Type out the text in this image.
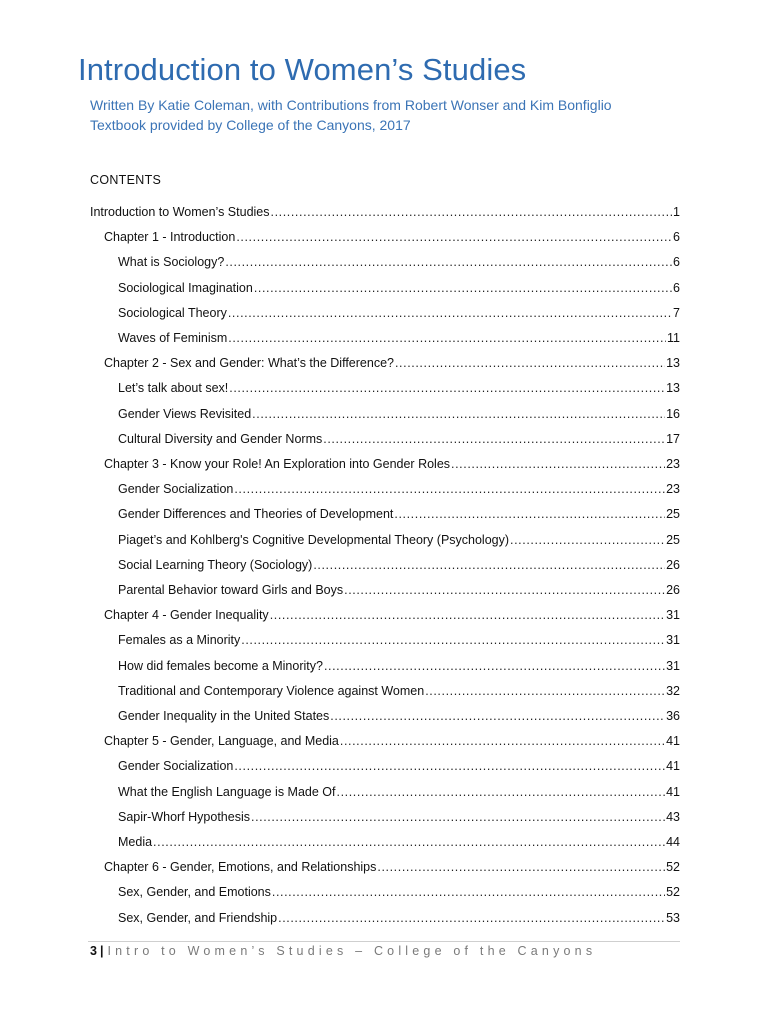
Introduction to Women’s Studies
Written By Katie Coleman, with Contributions from Robert Wonser and Kim Bonfiglio
Textbook provided by College of the Canyons, 2017
CONTENTS
Introduction to Women’s Studies .....	1
Chapter 1 - Introduction .....	6
What is Sociology? .....	6
Sociological Imagination .....	6
Sociological Theory .....	7
Waves of Feminism .....	11
Chapter 2 - Sex and Gender: What’s the Difference? .....	13
Let’s talk about sex! .....	13
Gender Views Revisited .....	16
Cultural Diversity and Gender Norms .....	17
Chapter 3 - Know your Role! An Exploration into Gender Roles .....	23
Gender Socialization .....	23
Gender Differences and Theories of Development .....	25
Piaget’s and Kohlberg's Cognitive Developmental Theory (Psychology) .....	25
Social Learning Theory (Sociology) .....	26
Parental Behavior toward Girls and Boys .....	26
Chapter 4 - Gender Inequality .....	31
Females as a Minority .....	31
How did females become a Minority? .....	31
Traditional and Contemporary Violence against Women .....	32
Gender Inequality in the United States .....	36
Chapter 5 - Gender, Language, and Media .....	41
Gender Socialization .....	41
What the English Language is Made Of .....	41
Sapir-Whorf Hypothesis .....	43
Media .....	44
Chapter 6 - Gender, Emotions, and Relationships .....	52
Sex, Gender, and Emotions .....	52
Sex, Gender, and Friendship .....	53
3 | Intro to Women’s Studies – College of the Canyons
